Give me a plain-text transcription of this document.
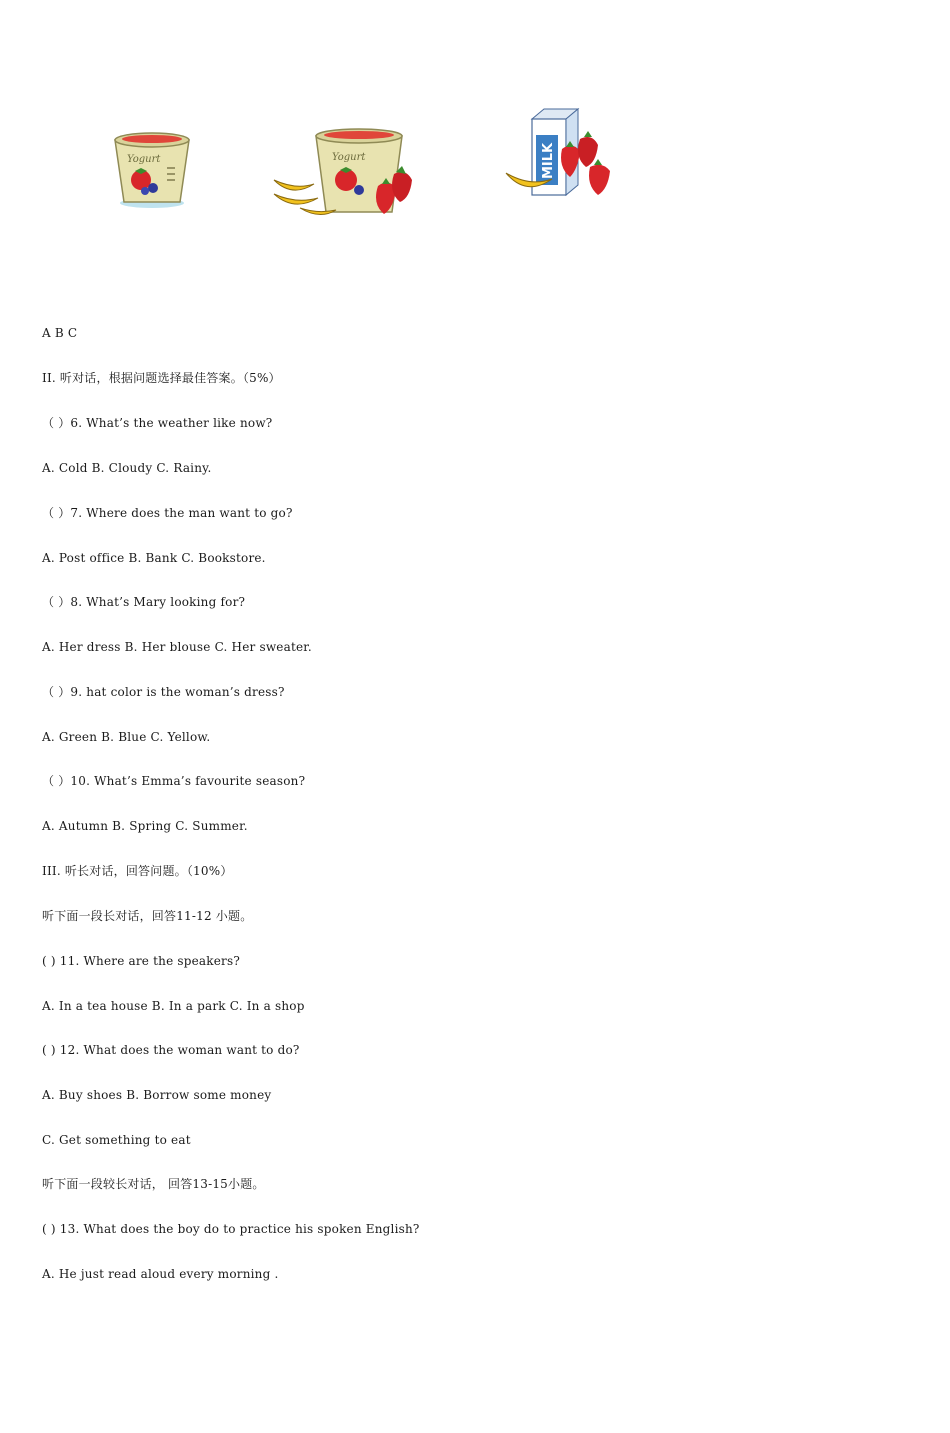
Yogurt	Yogurt	MILK
A B C
II. 听对话，根据问题选择最佳答案。（5%）
（ ）6. What’s the weather like now?
A. Cold B. Cloudy C. Rainy.
（ ）7. Where does the man want to go?
A. Post office B. Bank C. Bookstore.
（ ）8. What’s Mary looking for?
A. Her dress B. Her blouse C. Her sweater.
（ ）9. hat color is the woman’s dress?
A. Green B. Blue C. Yellow.
（ ）10. What’s Emma’s favourite season?
A. Autumn B. Spring C. Summer.
III. 听长对话，回答问题。（10%）
听下面一段长对话，回答11-12 小题。
( ) 11. Where are the speakers?
A. In a tea house B. In a park C. In a shop
( ) 12. What does the woman want to do?
A. Buy shoes B. Borrow some money
C. Get something to eat
听下面一段较长对话， 回答13-15小题。
( ) 13. What does the boy do to practice his spoken English?
A. He just read aloud every morning .
